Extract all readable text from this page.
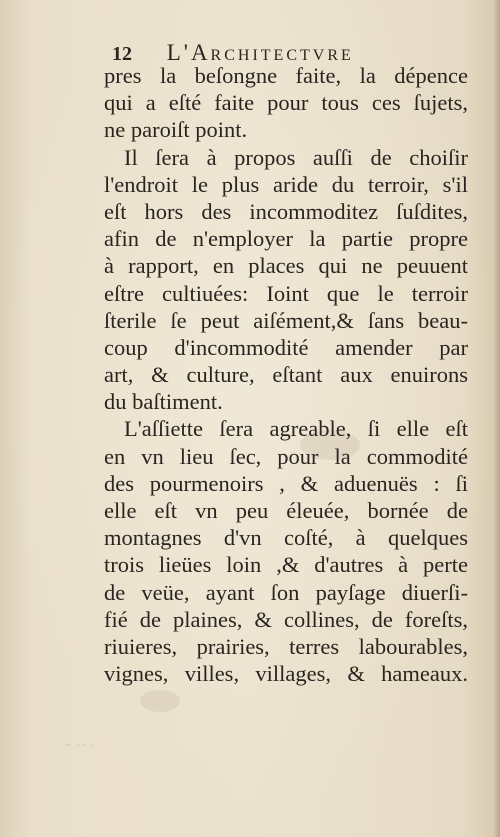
12 L'Architectvre
pres la beſongne faite, la dépence
qui a eſté faite pour tous ces ſujets,
ne paroiſt point.
Il ſera à propos auſſi de choiſir
l'endroit le plus aride du terroir, s'il
eſt hors des incommoditez ſuſdites,
afin de n'employer la partie propre
à rapport, en places qui ne peuuent
eſtre cultiuées: Ioint que le terroir
ſterile ſe peut aiſément,& ſans beau-
coup d'incommodité amender par
art, & culture, eſtant aux enuirons
du baſtiment.
L'aſſiette ſera agreable, ſi elle eſt
en vn lieu ſec, pour la commodité
des pourmenoirs , & aduenuës : ſi
elle eſt vn peu éleuée, bornée de
montagnes d'vn coſté, à quelques
trois lieües loin ,& d'autres à perte
de veüe, ayant ſon payſage diuerſi-
fié de plaines, & collines, de foreſts,
riuieres, prairies, terres labourables,
vignes, villes, villages, & hameaux.
~ ·· ·
